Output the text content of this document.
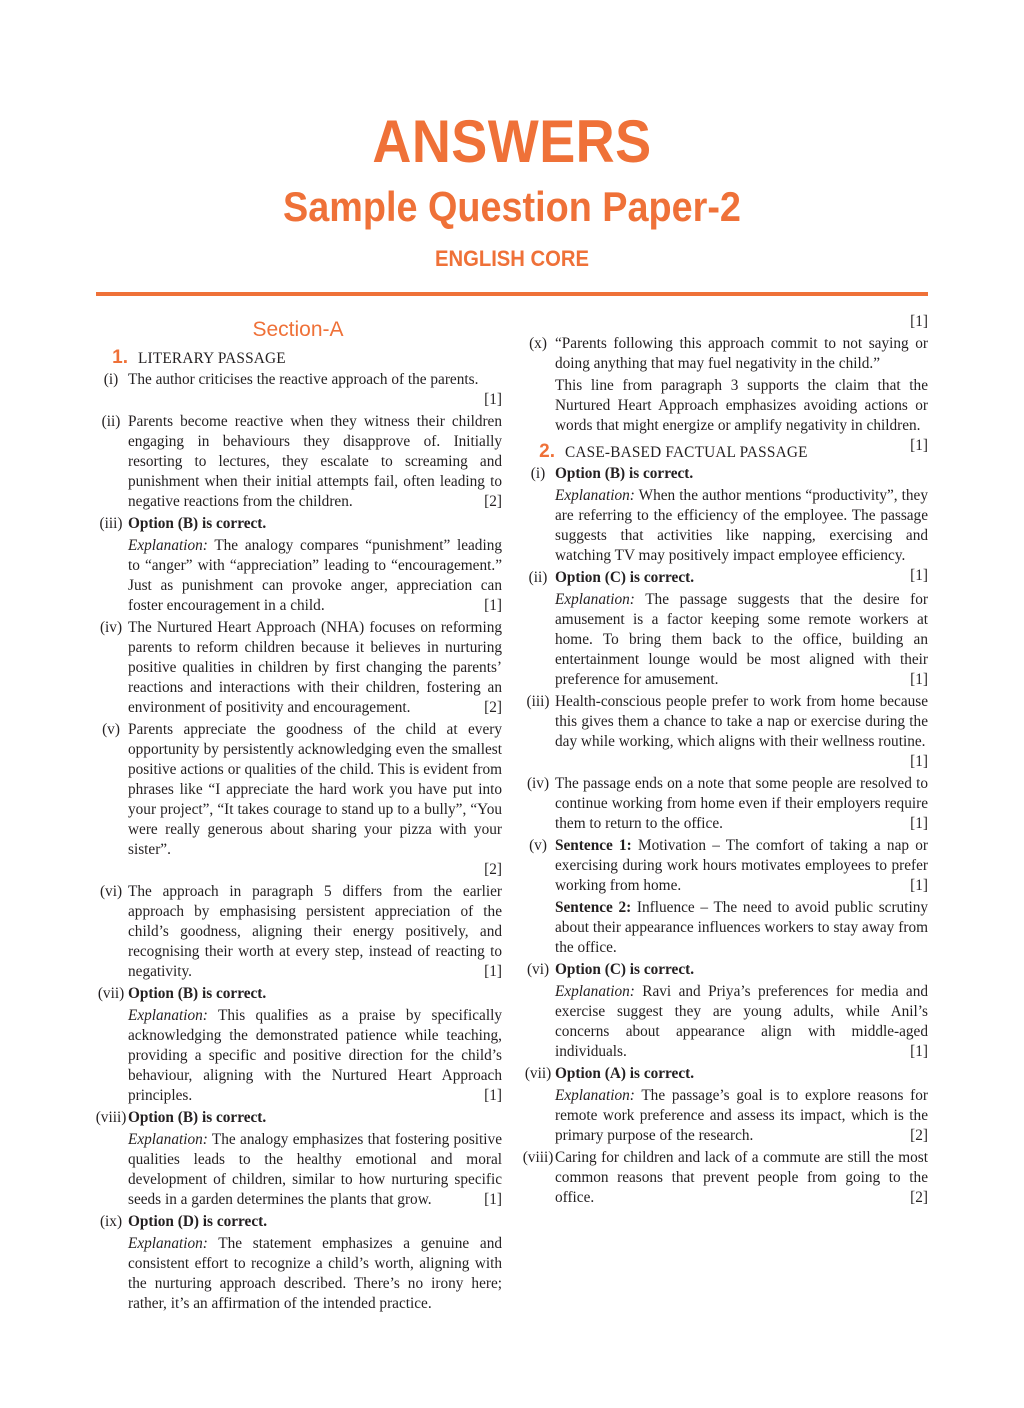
ANSWERS
Sample Question Paper-2
ENGLISH CORE
Section-A
1. LITERARY PASSAGE
(i) The author criticises the reactive approach of the parents.
[1]
(ii) Parents become reactive when they witness their children engaging in behaviours they disapprove of. Initially resorting to lectures, they escalate to screaming and punishment when their initial attempts fail, often leading to negative reactions from the children.	[2]
(iii) Option (B) is correct.
Explanation: The analogy compares “punishment” leading to “anger” with “appreciation” leading to “encouragement.” Just as punishment can provoke anger, appreciation can foster encouragement in a child.	[1]
(iv) The Nurtured Heart Approach (NHA) focuses on reforming parents to reform children because it believes in nurturing positive qualities in children by first changing the parents’ reactions and interactions with their children, fostering an environment of positivity and encouragement.	[2]
(v) Parents appreciate the goodness of the child at every opportunity by persistently acknowledging even the smallest positive actions or qualities of the child. This is evident from phrases like “I appreciate the hard work you have put into your project”, “It takes courage to stand up to a bully”, “You were really generous about sharing your pizza with your sister”.
[2]
(vi) The approach in paragraph 5 differs from the earlier approach by emphasising persistent appreciation of the child’s goodness, aligning their energy positively, and recognising their worth at every step, instead of reacting to negativity.	[1]
(vii) Option (B) is correct.
Explanation: This qualifies as a praise by specifically acknowledging the demonstrated patience while teaching, providing a specific and positive direction for the child’s behaviour, aligning with the Nurtured Heart Approach principles.	[1]
(viii) Option (B) is correct.
Explanation: The analogy emphasizes that fostering positive qualities leads to the healthy emotional and moral development of children, similar to how nurturing specific seeds in a garden determines the plants that grow.	[1]
(ix) Option (D) is correct.
Explanation: The statement emphasizes a genuine and consistent effort to recognize a child’s worth, aligning with the nurturing approach described. There’s no irony here; rather, it’s an affirmation of the intended practice.
[1]
(x) “Parents following this approach commit to not saying or doing anything that may fuel negativity in the child.”
This line from paragraph 3 supports the claim that the Nurtured Heart Approach emphasizes avoiding actions or words that might energize or amplify negativity in children.
[1]
2. CASE-BASED FACTUAL PASSAGE
(i) Option (B) is correct.
Explanation: When the author mentions “productivity”, they are referring to the efficiency of the employee. The passage suggests that activities like napping, exercising and watching TV may positively impact employee efficiency.
[1]
(ii) Option (C) is correct.
Explanation: The passage suggests that the desire for amusement is a factor keeping some remote workers at home. To bring them back to the office, building an entertainment lounge would be most aligned with their preference for amusement.	[1]
(iii) Health-conscious people prefer to work from home because this gives them a chance to take a nap or exercise during the day while working, which aligns with their wellness routine.
[1]
(iv) The passage ends on a note that some people are resolved to continue working from home even if their employers require them to return to the office.	[1]
(v) Sentence 1: Motivation – The comfort of taking a nap or exercising during work hours motivates employees to prefer working from home.	[1]
Sentence 2: Influence – The need to avoid public scrutiny about their appearance influences workers to stay away from the office.
(vi) Option (C) is correct.
Explanation: Ravi and Priya’s preferences for media and exercise suggest they are young adults, while Anil’s concerns about appearance align with middle-aged individuals.	[1]
(vii) Option (A) is correct.
Explanation: The passage’s goal is to explore reasons for remote work preference and assess its impact, which is the primary purpose of the research.	[2]
(viii) Caring for children and lack of a commute are still the most common reasons that prevent people from going to the office.	[2]
